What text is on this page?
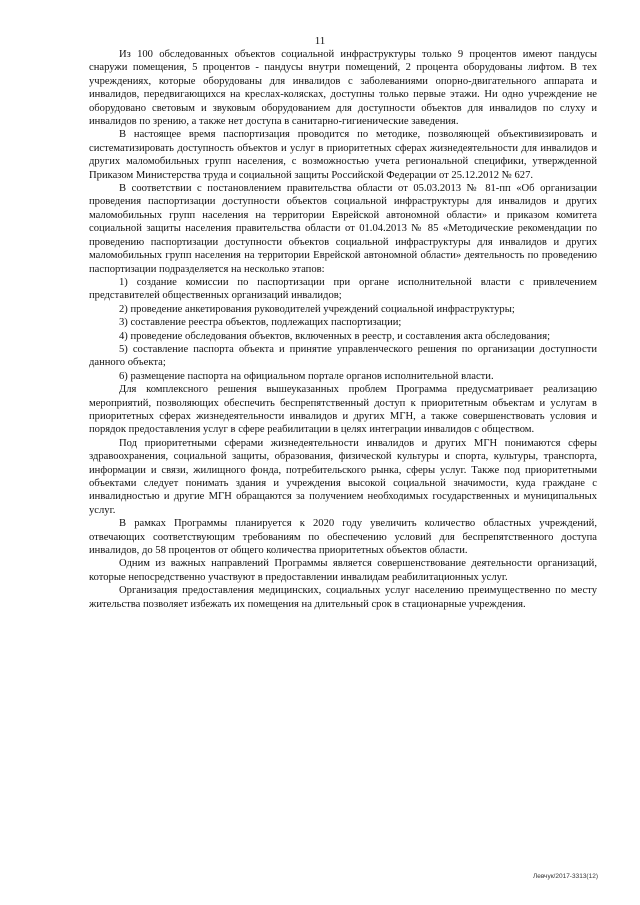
11

Из 100 обследованных объектов социальной инфраструктуры только 9 процентов имеют пандусы снаружи помещения, 5 процентов - пандусы внутри помещений, 2 процента оборудованы лифтом. В тех учреждениях, которые оборудованы для инвалидов с заболеваниями опорно-двигательного аппарата и инвалидов, передвигающихся на креслах-колясках, доступны только первые этажи. Ни одно учреждение не оборудовано световым и звуковым оборудованием для доступности объектов для инвалидов по слуху и инвалидов по зрению, а также нет доступа в санитарно-гигиенические заведения.

В настоящее время паспортизация проводится по методике, позволяющей объективизировать и систематизировать доступность объектов и услуг в приоритетных сферах жизнедеятельности для инвалидов и других маломобильных групп населения, с возможностью учета региональной специфики, утвержденной Приказом Министерства труда и социальной защиты Российской Федерации от 25.12.2012 № 627.

В соответствии с постановлением правительства области от 05.03.2013 № 81-пп «Об организации проведения паспортизации доступности объектов социальной инфраструктуры для инвалидов и других маломобильных групп населения на территории Еврейской автономной области» и приказом комитета социальной защиты населения правительства области от 01.04.2013 № 85 «Методические рекомендации по проведению паспортизации доступности объектов социальной инфраструктуры для инвалидов и других маломобильных групп населения на территории Еврейской автономной области» деятельность по проведению паспортизации подразделяется на несколько этапов:

1) создание комиссии по паспортизации при органе исполнительной власти с привлечением представителей общественных организаций инвалидов;

2) проведение анкетирования руководителей учреждений социальной инфраструктуры;

3) составление реестра объектов, подлежащих паспортизации;

4) проведение обследования объектов, включенных в реестр, и составления акта обследования;

5) составление паспорта объекта и принятие управленческого решения по организации доступности данного объекта;

6) размещение паспорта на официальном портале органов исполнительной власти.

Для комплексного решения вышеуказанных проблем Программа предусматривает реализацию мероприятий, позволяющих обеспечить беспрепятственный доступ к приоритетным объектам и услугам в приоритетных сферах жизнедеятельности инвалидов и других МГН, а также совершенствовать условия и порядок предоставления услуг в сфере реабилитации в целях интеграции инвалидов с обществом.

Под приоритетными сферами жизнедеятельности инвалидов и других МГН понимаются сферы здравоохранения, социальной защиты, образования, физической культуры и спорта, культуры, транспорта, информации и связи, жилищного фонда, потребительского рынка, сферы услуг. Также под приоритетными объектами следует понимать здания и учреждения высокой социальной значимости, куда граждане с инвалидностью и другие МГН обращаются за получением необходимых государственных и муниципальных услуг.

В рамках Программы планируется к 2020 году увеличить количество областных учреждений, отвечающих соответствующим требованиям по обеспечению условий для беспрепятственного доступа инвалидов, до 58 процентов от общего количества приоритетных объектов области.

Одним из важных направлений Программы является совершенствование деятельности организаций, которые непосредственно участвуют в предоставлении инвалидам реабилитационных услуг.

Организация предоставления медицинских, социальных услуг населению преимущественно по месту жительства позволяет избежать их помещения на длительный срок в стационарные учреждения.

Левчук/2017-3313(12)
